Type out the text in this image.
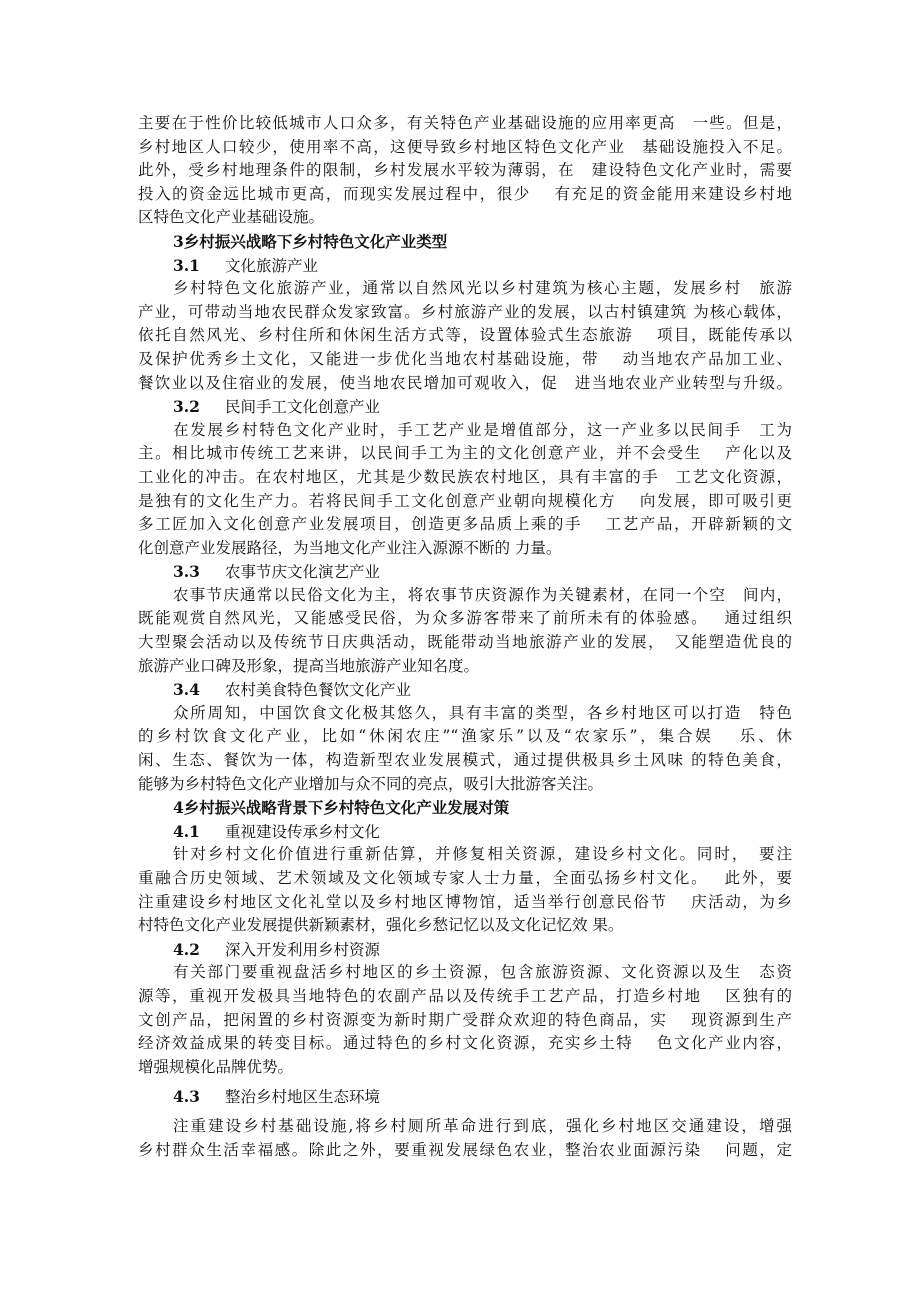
主要在于性价比较低城市人口众多，有关特色产业基础设施的应用率更高　一些。但是，
乡村地区人口较少，使用率不高，这便导致乡村地区特色文化产业　基础设施投入不足。
此外，受乡村地理条件的限制，乡村发展水平较为薄弱，在　建设特色文化产业时，需要
投入的资金远比城市更高，而现实发展过程中，很少　 有充足的资金能用来建设乡村地
区特色文化产业基础设施。
3乡村振兴战略下乡村特色文化产业类型
3.1 文化旅游产业
乡村特色文化旅游产业，通常以自然风光以乡村建筑为核心主题，发展乡村　旅游
产业，可带动当地农民群众发家致富。乡村旅游产业的发展，以古村镇建筑 为核心载体，
依托自然风光、乡村住所和休闲生活方式等，设置体验式生态旅游　 项目，既能传承以
及保护优秀乡土文化，又能进一步优化当地农村基础设施，带　 动当地农产品加工业、
餐饮业以及住宿业的发展，使当地农民增加可观收入，促　进当地农业产业转型与升级。
3.2 民间手工文化创意产业
在发展乡村特色文化产业时，手工艺产业是增值部分，这一产业多以民间手　工为
主。相比城市传统工艺来讲，以民间手工为主的文化创意产业，并不会受生　 产化以及
工业化的冲击。在农村地区，尤其是少数民族农村地区，具有丰富的手　工艺文化资源，
是独有的文化生产力。若将民间手工文化创意产业朝向规模化方　 向发展，即可吸引更
多工匠加入文化创意产业发展项目，创造更多品质上乘的手　 工艺产品，开辟新颖的文
化创意产业发展路径，为当地文化产业注入源源不断的 力量。
3.3 农事节庆文化演艺产业
农事节庆通常以民俗文化为主，将农事节庆资源作为关键素材，在同一个空　间内，
既能观赏自然风光，又能感受民俗，为众多游客带来了前所未有的体验感。　 通过组织
大型聚会活动以及传统节日庆典活动，既能带动当地旅游产业的发展，　又能塑造优良的
旅游产业口碑及形象，提高当地旅游产业知名度。
3.4 农村美食特色餐饮文化产业
众所周知，中国饮食文化极其悠久，具有丰富的类型，各乡村地区可以打造　特色
的乡村饮食文化产业，比如“休闲农庄”“渔家乐”以及“农家乐”，集合娱　 乐、休
闲、生态、餐饮为一体，构造新型农业发展模式，通过提供极具乡土风味 的特色美食，
能够为乡村特色文化产业增加与众不同的亮点，吸引大批游客关注。
4乡村振兴战略背景下乡村特色文化产业发展对策
4.1 重视建设传承乡村文化
针对乡村文化价值进行重新估算，并修复相关资源，建设乡村文化。同时，　要注
重融合历史领域、艺术领域及文化领域专家人士力量，全面弘扬乡村文化。　 此外，要
注重建设乡村地区文化礼堂以及乡村地区博物馆，适当举行创意民俗节　 庆活动，为乡
村特色文化产业发展提供新颖素材，强化乡愁记忆以及文化记忆效 果。
4.2 深入开发利用乡村资源
有关部门要重视盘活乡村地区的乡土资源，包含旅游资源、文化资源以及生　态资
源等，重视开发极具当地特色的农副产品以及传统手工艺产品，打造乡村地　 区独有的
文创产品，把闲置的乡村资源变为新时期广受群众欢迎的特色商品，实　 现资源到生产
经济效益成果的转变目标。通过特色的乡村文化资源，充实乡土特　 色文化产业内容，
增强规模化品牌优势。
4.3 整治乡村地区生态环境
注重建设乡村基础设施,将乡村厕所革命进行到底，强化乡村地区交通建设，增强
乡村群众生活幸福感。除此之外，要重视发展绿色农业，整治农业面源污染　 问题，定
